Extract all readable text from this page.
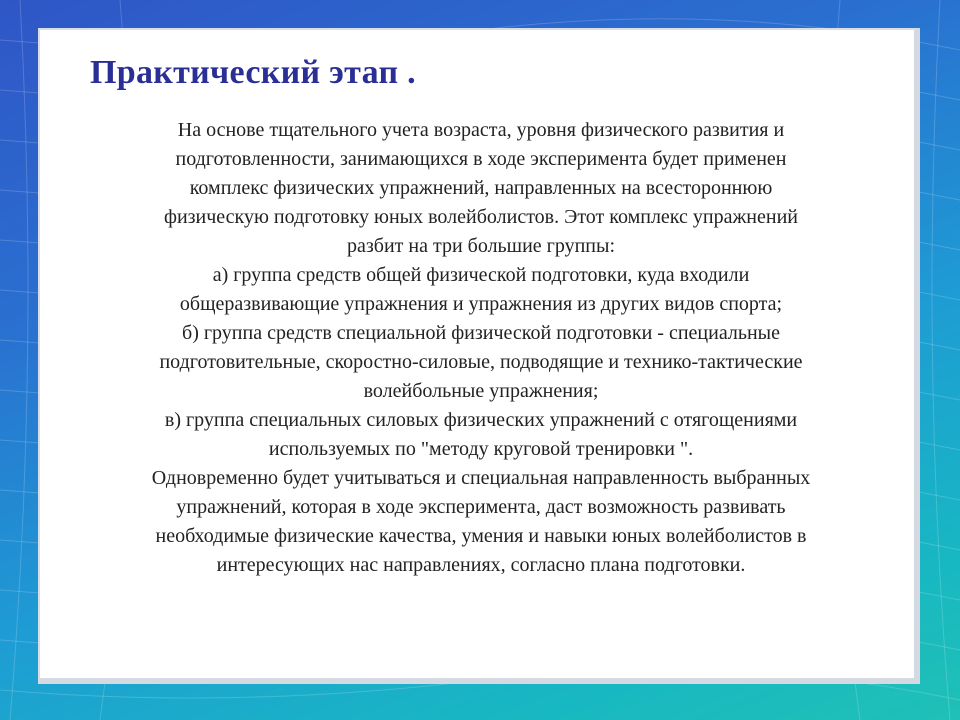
Практический этап .
На основе тщательного учета возраста, уровня физического развития и
подготовленности, занимающихся в ходе эксперимента будет применен
комплекс физических упражнений, направленных на всестороннюю
физическую подготовку юных волейболистов. Этот комплекс упражнений
разбит на три большие группы:
а) группа средств общей физической подготовки, куда входили
общеразвивающие упражнения и упражнения из других видов спорта;
б) группа средств специальной физической подготовки - специальные
подготовительные, скоростно-силовые, подводящие и технико-тактические
волейбольные упражнения;
в) группа специальных силовых физических упражнений с отягощениями
используемых по "методу круговой тренировки ".
Одновременно будет учитываться и специальная направленность выбранных
упражнений, которая в ходе эксперимента, даст возможность развивать
необходимые физические качества, умения и навыки юных волейболистов в
интересующих нас направлениях, согласно плана подготовки.
